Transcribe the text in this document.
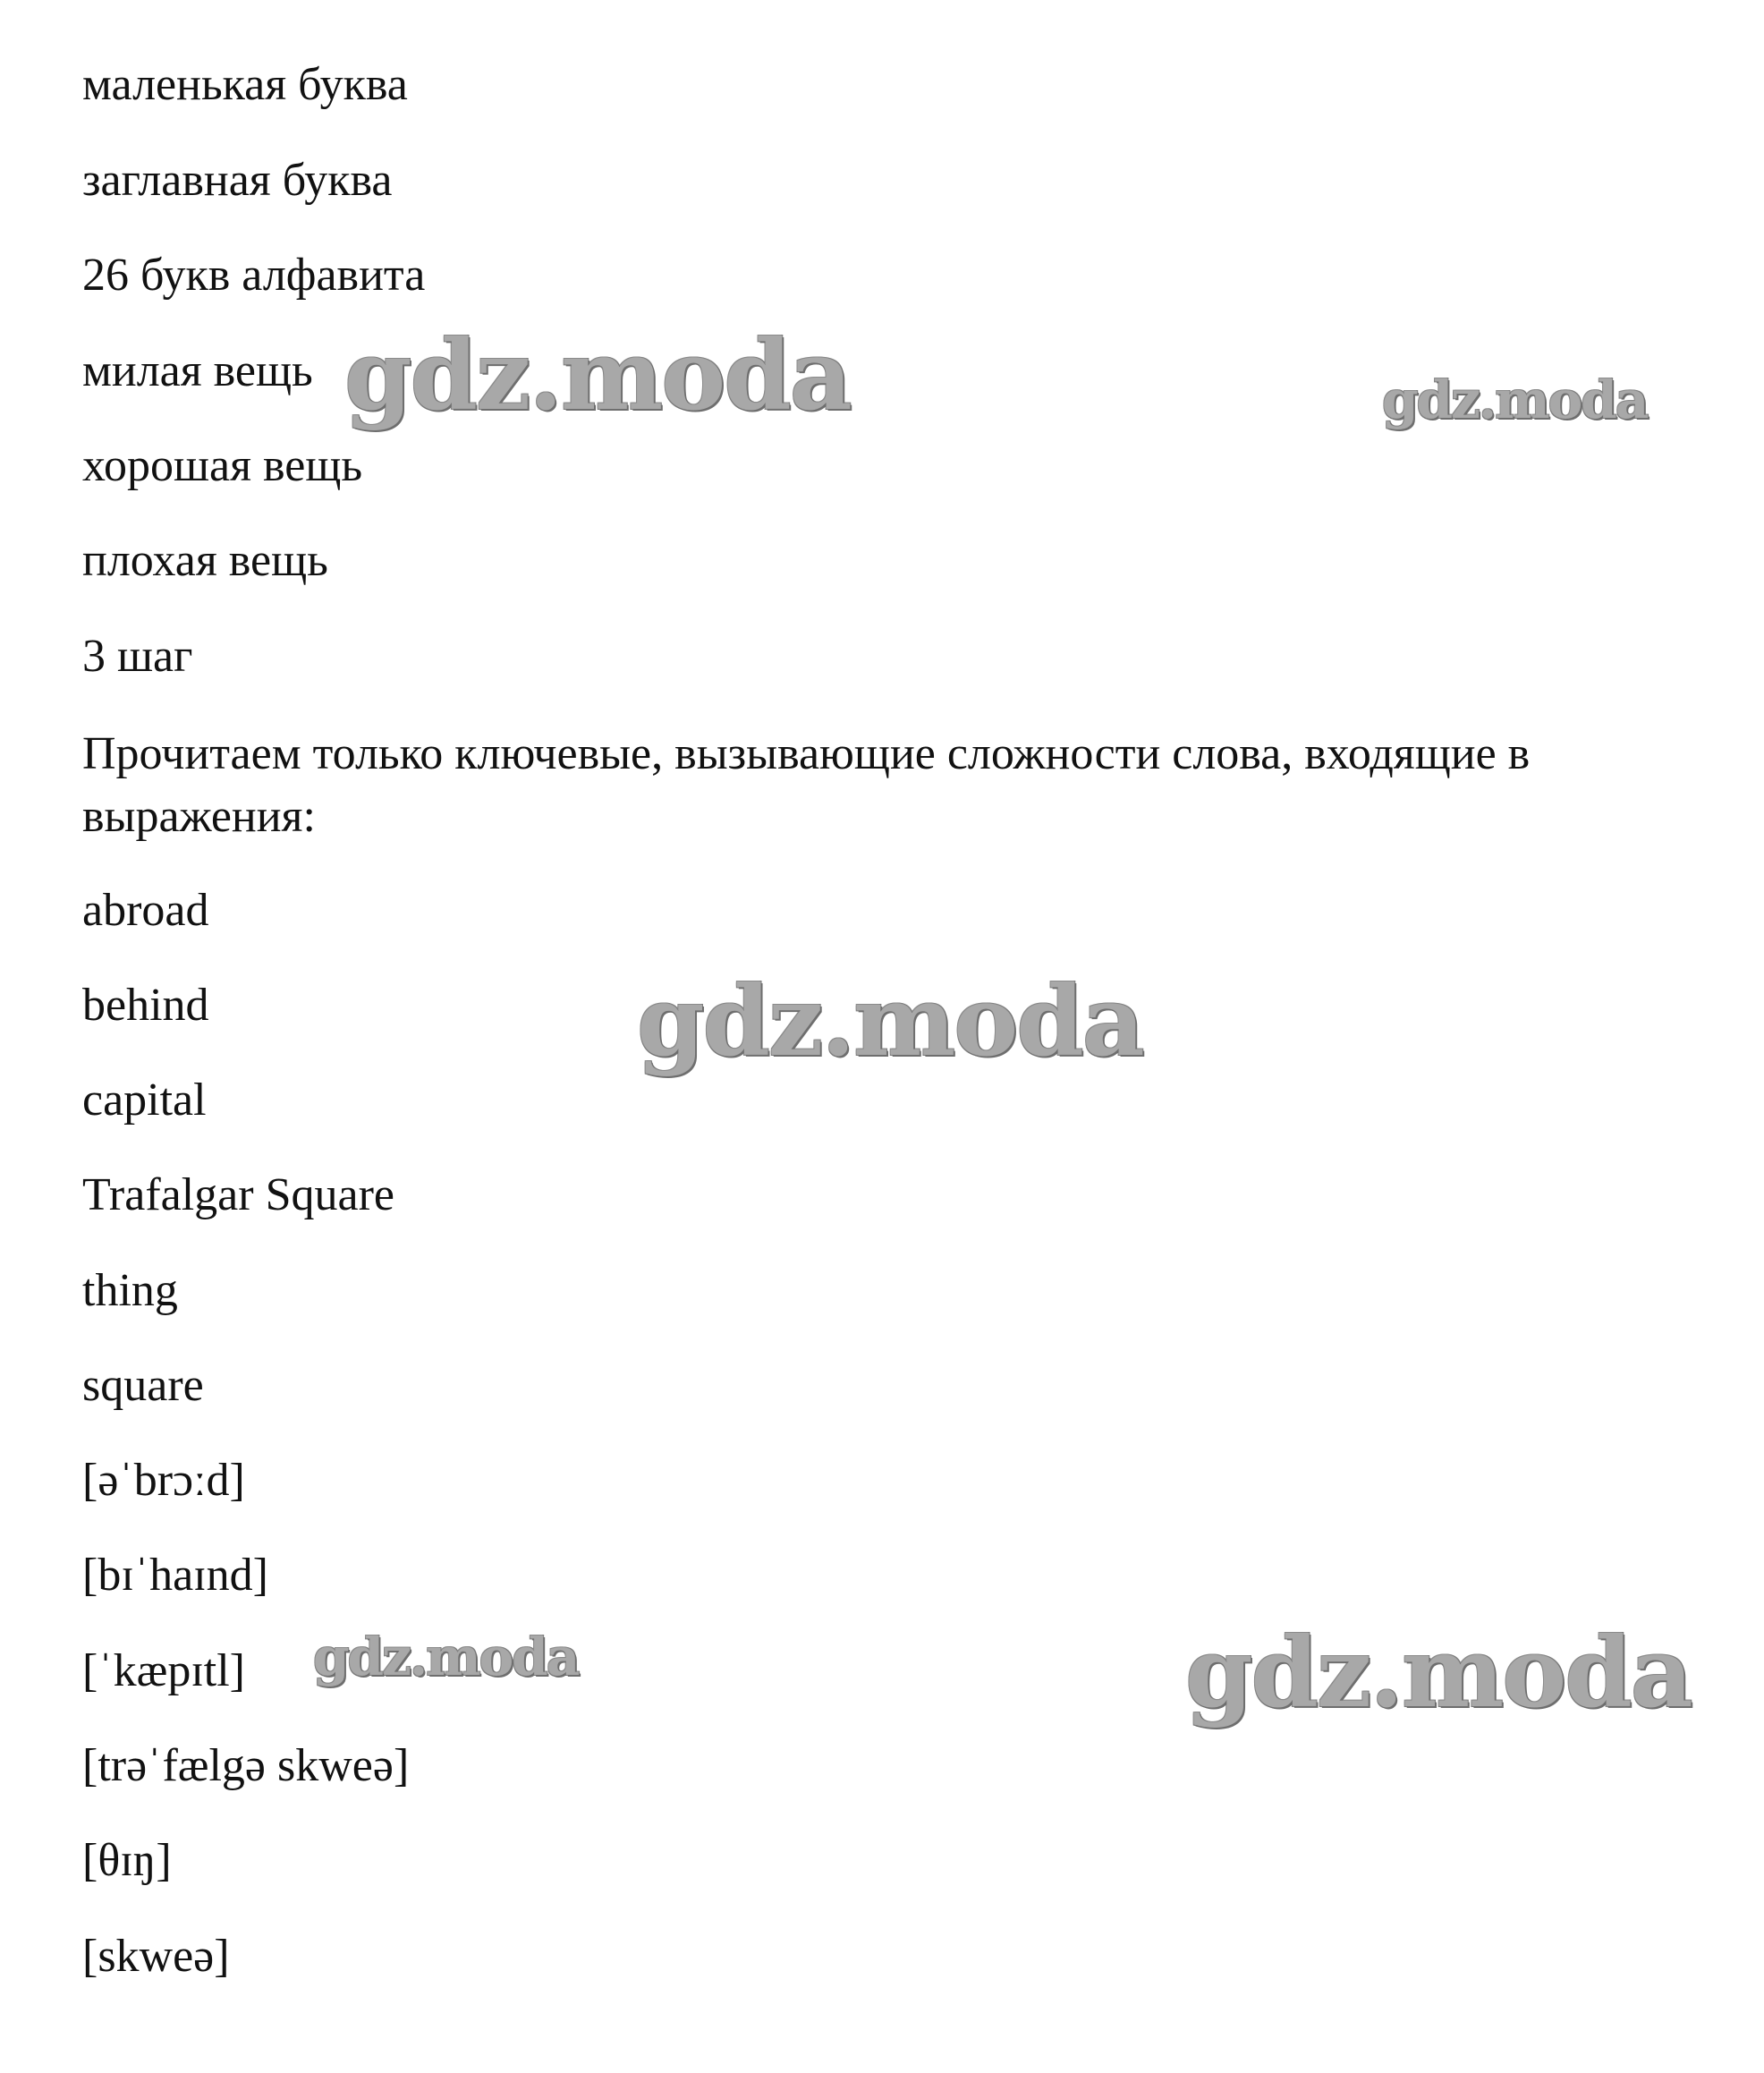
маленькая буква
заглавная буква
26 букв алфавита
милая вещь
хорошая вещь
плохая вещь
3 шаг
Прочитаем только ключевые, вызывающие сложности слова, входящие в выражения:
abroad
behind
capital
Trafalgar Square
thing
square
[əˈbrɔːd]
[bɪˈhaɪnd]
[ˈkæpɪtl]
[trəˈfælgə skweə]
[θɪŋ]
[skweə]
gdz.moda	gdz.moda
gdz.moda
gdz.moda	gdz.moda
